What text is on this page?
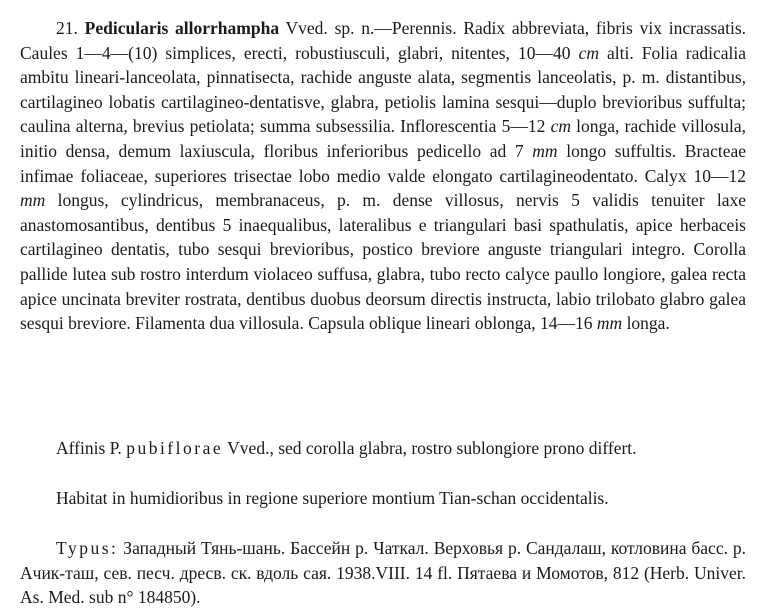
21. Pedicularis allorrhampha Vved. sp. n.—Perennis. Radix abbreviata, fibris vix incrassatis. Caules 1—4—(10) simplices, erecti, robustiusculi, glabri, nitentes, 10—40 cm alti. Folia radicalia ambitu lineari-lanceolata, pinnatisecta, rachide anguste alata, segmentis lanceolatis, p. m. distantibus, cartilagineo lobatis cartilagineo-dentatisve, glabra, petiolis lamina sesqui—duplo brevioribus suffulta; caulina alterna, brevius petiolata; summa subsessilia. Inflorescentia 5—12 cm longa, rachide villosula, initio densa, demum laxiuscula, floribus inferioribus pedicello ad 7 mm longo suffultis. Bracteae infimae foliaceae, superiores trisectae lobo medio valde elongato cartilagineodentato. Calyx 10—12 mm longus, cylindricus, membranaceus, p. m. dense villosus, nervis 5 validis tenuiter laxe anastomosantibus, dentibus 5 inaequalibus, lateralibus e triangulari basi spathulatis, apice herbaceis cartilagineo dentatis, tubo sesqui brevioribus, postico breviore anguste triangulari integro. Corolla pallide lutea sub rostro interdum violaceo suffusa, glabra, tubo recto calyce paullo longiore, galea recta apice uncinata breviter rostrata, dentibus duobus deorsum directis instructa, labio trilobato glabro galea sesqui breviore. Filamenta dua villosula. Capsula oblique lineari oblonga, 14—16 mm longa.

Affinis P. pubiflorae Vved., sed corolla glabra, rostro sublongiore prono differt.

Habitat in humidioribus in regione superiore montium Tian-schan occidentalis.

Typus: Западный Тянь-шань. Бассейн р. Чаткал. Верховья р. Сандалаш, котловина басс. р. Ачик-таш, сев. песч. дресв. ск. вдоль сая. 1938.VIII. 14 fl. Пятаева и Момотов, 812 (Herb. Univer. As. Med. sub n° 184850).
